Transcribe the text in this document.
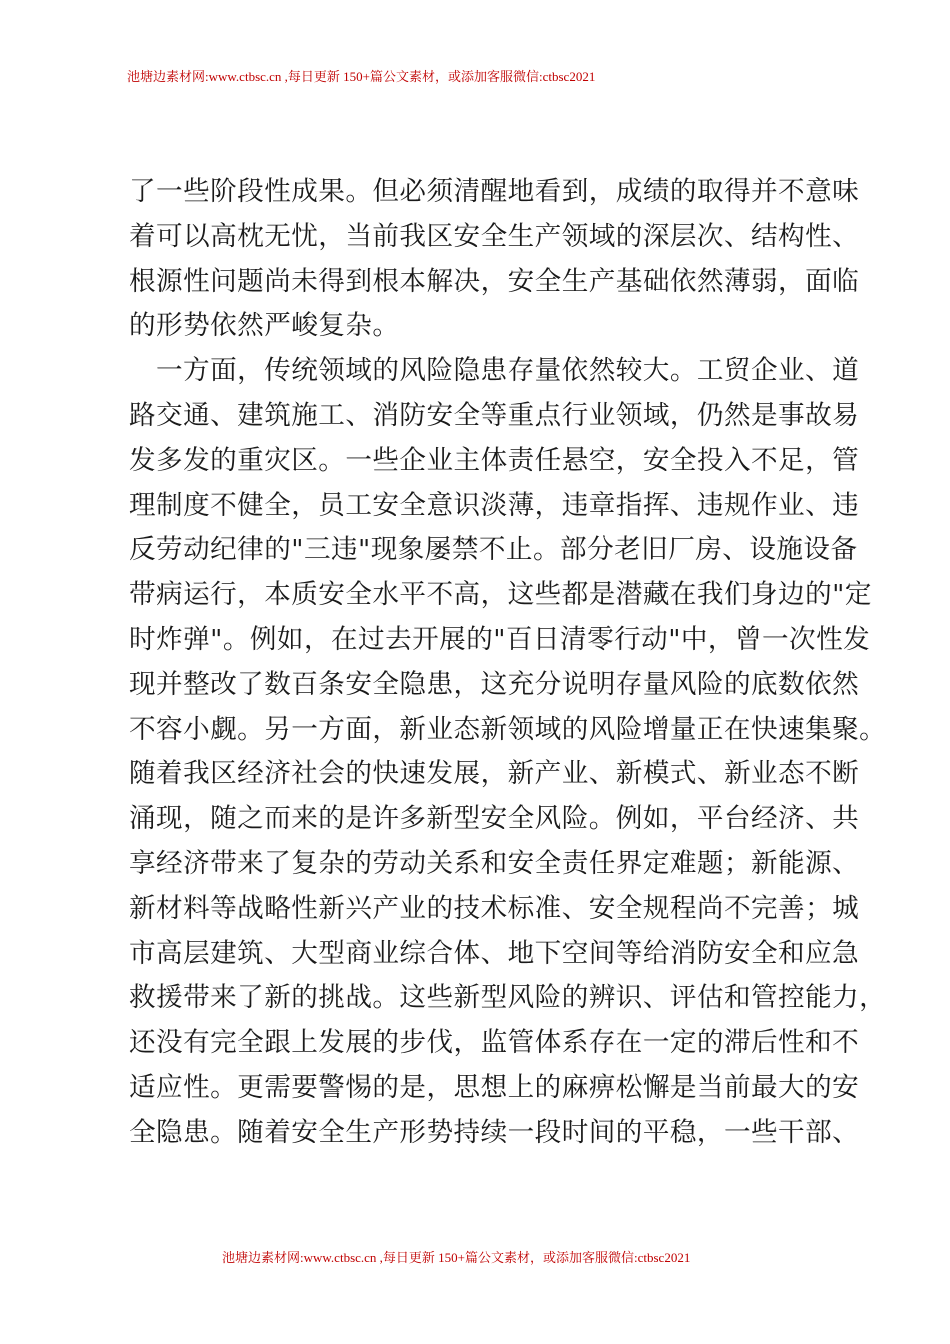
池塘边素材网:www.ctbsc.cn ,每日更新 150+篇公文素材，或添加客服微信:ctbsc2021
了一些阶段性成果。但必须清醒地看到，成绩的取得并不意味
着可以高枕无忧，当前我区安全生产领域的深层次、结构性、
根源性问题尚未得到根本解决，安全生产基础依然薄弱，面临
的形势依然严峻复杂。
一方面，传统领域的风险隐患存量依然较大。工贸企业、道
路交通、建筑施工、消防安全等重点行业领域，仍然是事故易
发多发的重灾区。一些企业主体责任悬空，安全投入不足，管
理制度不健全，员工安全意识淡薄，违章指挥、违规作业、违
反劳动纪律的"三违"现象屡禁不止。部分老旧厂房、设施设备
带病运行，本质安全水平不高，这些都是潜藏在我们身边的"定
时炸弹"。例如，在过去开展的"百日清零行动"中，曾一次性发
现并整改了数百条安全隐患，这充分说明存量风险的底数依然
不容小觑。另一方面，新业态新领域的风险增量正在快速集聚。
随着我区经济社会的快速发展，新产业、新模式、新业态不断
涌现，随之而来的是许多新型安全风险。例如，平台经济、共
享经济带来了复杂的劳动关系和安全责任界定难题；新能源、
新材料等战略性新兴产业的技术标准、安全规程尚不完善；城
市高层建筑、大型商业综合体、地下空间等给消防安全和应急
救援带来了新的挑战。这些新型风险的辨识、评估和管控能力，
还没有完全跟上发展的步伐，监管体系存在一定的滞后性和不
适应性。更需要警惕的是，思想上的麻痹松懈是当前最大的安
全隐患。随着安全生产形势持续一段时间的平稳，一些干部、
池塘边素材网:www.ctbsc.cn ,每日更新 150+篇公文素材，或添加客服微信:ctbsc2021
